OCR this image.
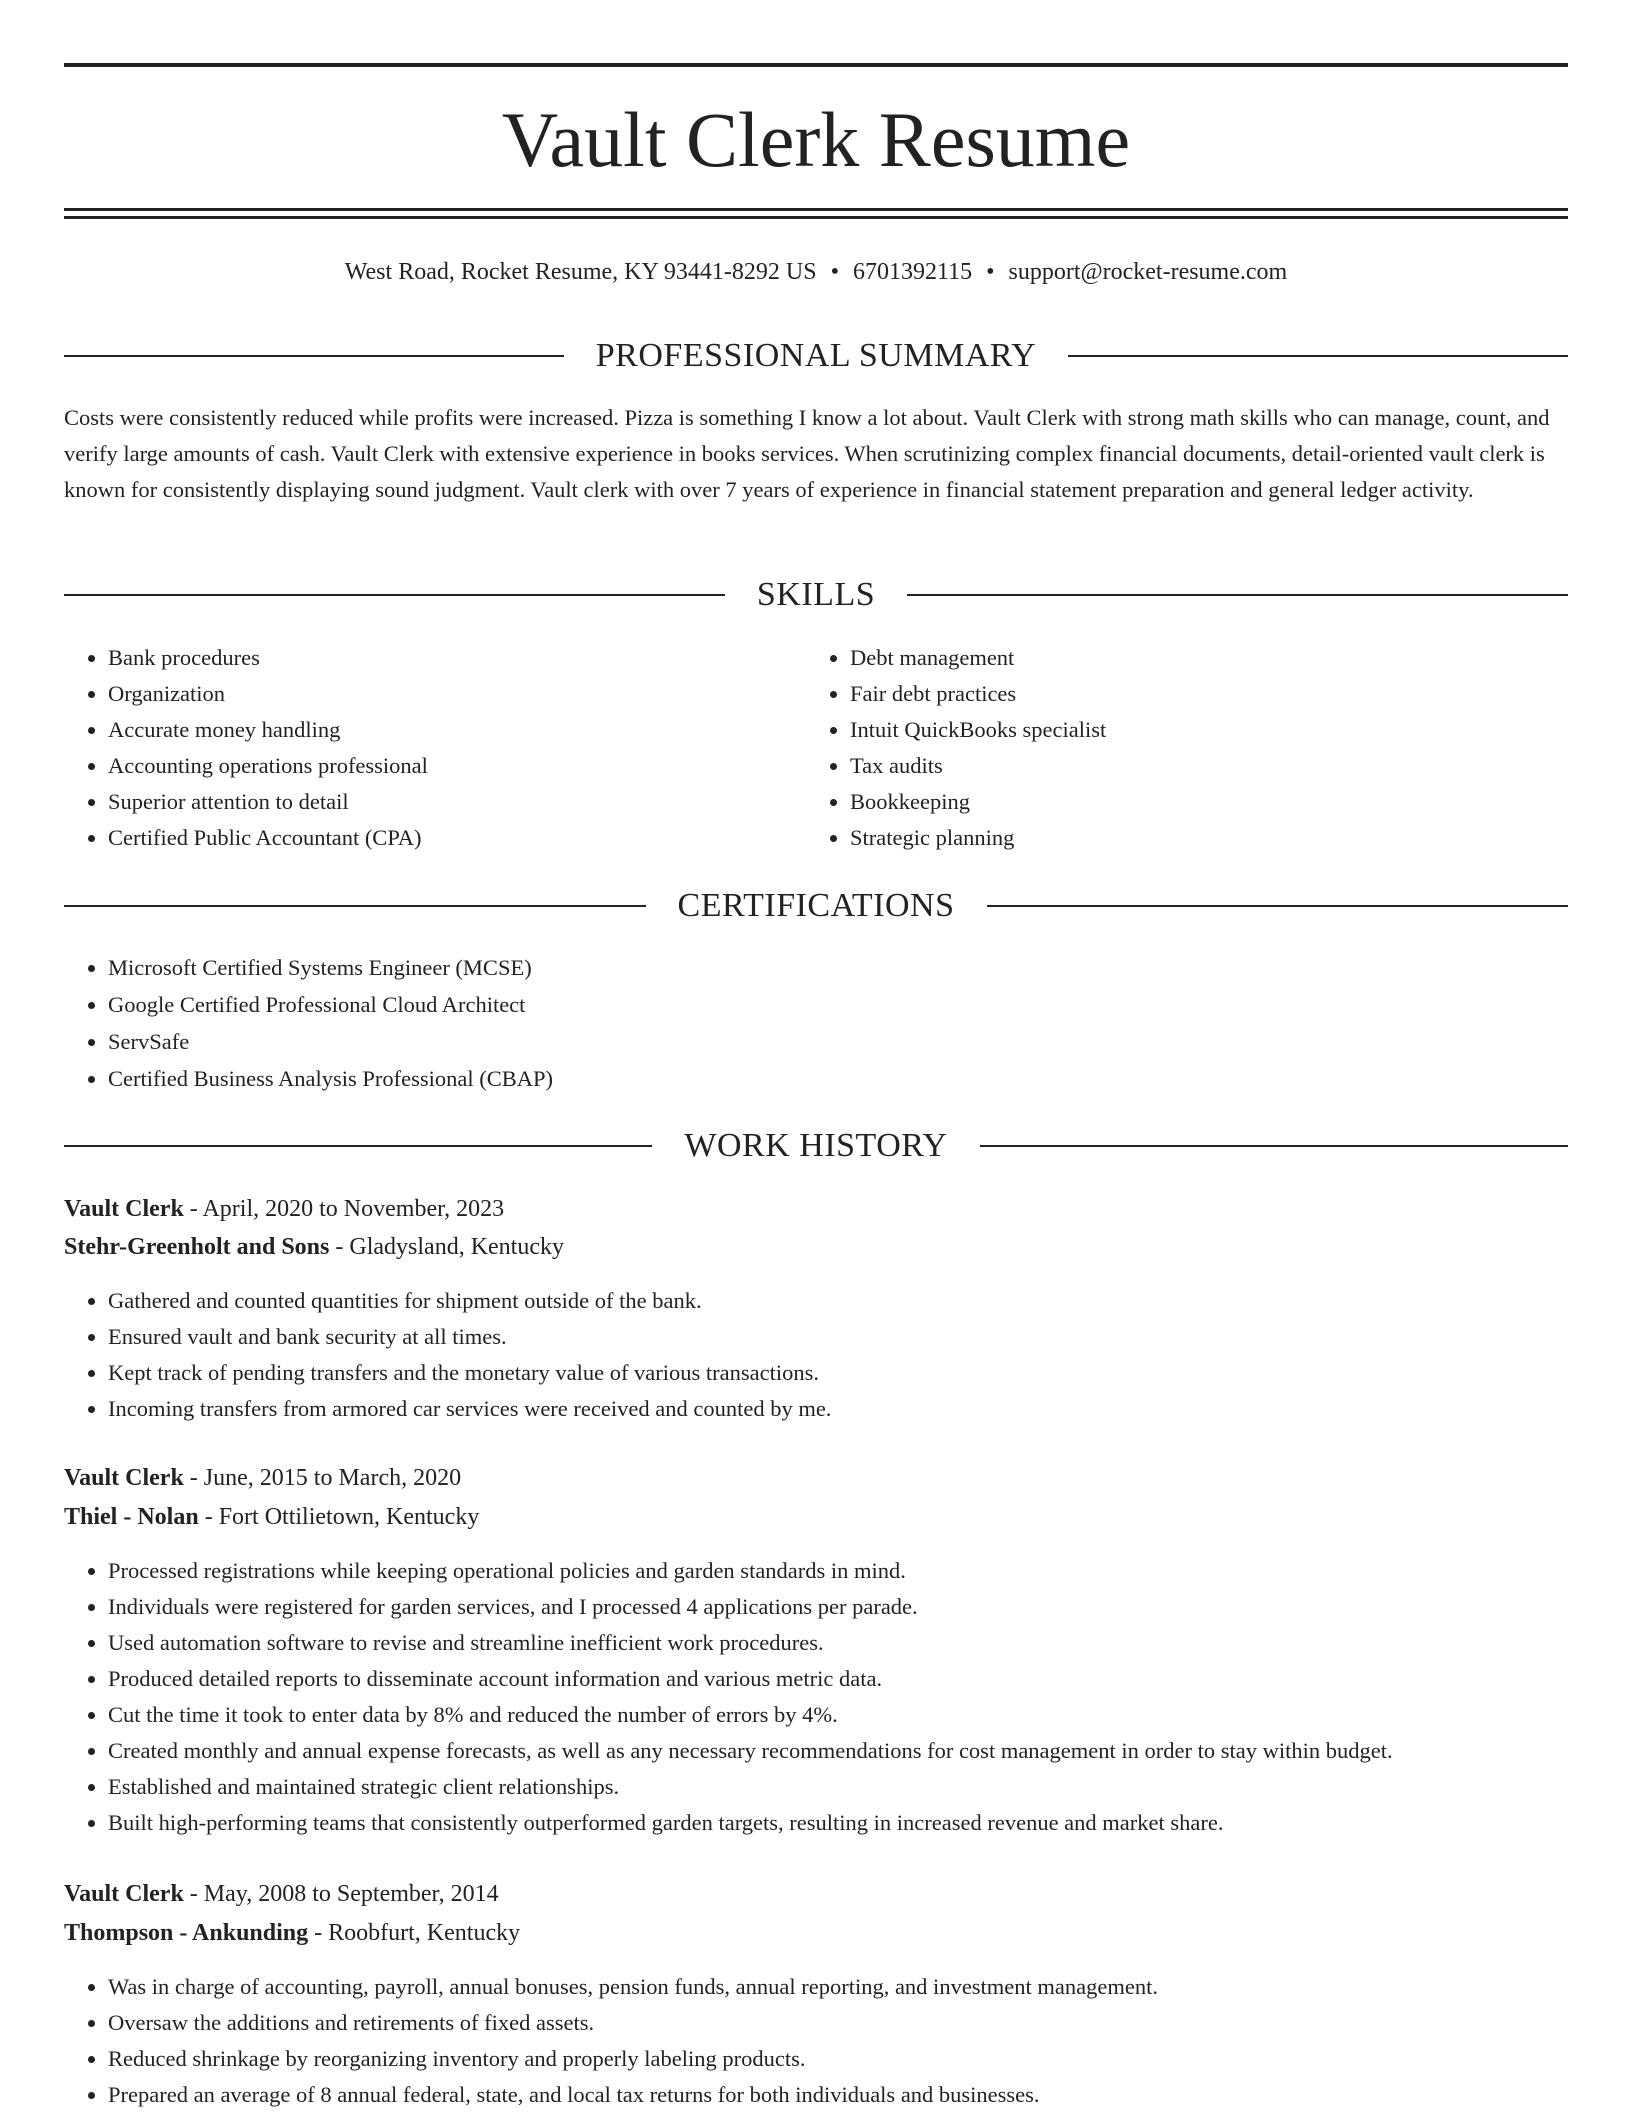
Vault Clerk Resume
West Road, Rocket Resume, KY 93441-8292 US • 6701392115 • support@rocket-resume.com
PROFESSIONAL SUMMARY

Costs were consistently reduced while profits were increased. Pizza is something I know a lot about. Vault Clerk with strong math skills who can manage, count, and verify large amounts of cash. Vault Clerk with extensive experience in books services. When scrutinizing complex financial documents, detail-oriented vault clerk is known for consistently displaying sound judgment. Vault clerk with over 7 years of experience in financial statement preparation and general ledger activity.

SKILLS
• Bank procedures
• Organization
• Accurate money handling
• Accounting operations professional
• Superior attention to detail
• Certified Public Accountant (CPA)
• Debt management
• Fair debt practices
• Intuit QuickBooks specialist
• Tax audits
• Bookkeeping
• Strategic planning
CERTIFICATIONS
• Microsoft Certified Systems Engineer (MCSE)
• Google Certified Professional Cloud Architect
• ServSafe
• Certified Business Analysis Professional (CBAP)
WORK HISTORY
Vault Clerk - April, 2020 to November, 2023
Stehr-Greenholt and Sons - Gladysland, Kentucky
• Gathered and counted quantities for shipment outside of the bank.
• Ensured vault and bank security at all times.
• Kept track of pending transfers and the monetary value of various transactions.
• Incoming transfers from armored car services were received and counted by me.
Vault Clerk - June, 2015 to March, 2020
Thiel - Nolan - Fort Ottilietown, Kentucky
• Processed registrations while keeping operational policies and garden standards in mind.
• Individuals were registered for garden services, and I processed 4 applications per parade.
• Used automation software to revise and streamline inefficient work procedures.
• Produced detailed reports to disseminate account information and various metric data.
• Cut the time it took to enter data by 8% and reduced the number of errors by 4%.
• Created monthly and annual expense forecasts, as well as any necessary recommendations for cost management in order to stay within budget.
• Established and maintained strategic client relationships.
• Built high-performing teams that consistently outperformed garden targets, resulting in increased revenue and market share.
Vault Clerk - May, 2008 to September, 2014
Thompson - Ankunding - Roobfurt, Kentucky
• Was in charge of accounting, payroll, annual bonuses, pension funds, annual reporting, and investment management.
• Oversaw the additions and retirements of fixed assets.
• Reduced shrinkage by reorganizing inventory and properly labeling products.
• Prepared an average of 8 annual federal, state, and local tax returns for both individuals and businesses.
